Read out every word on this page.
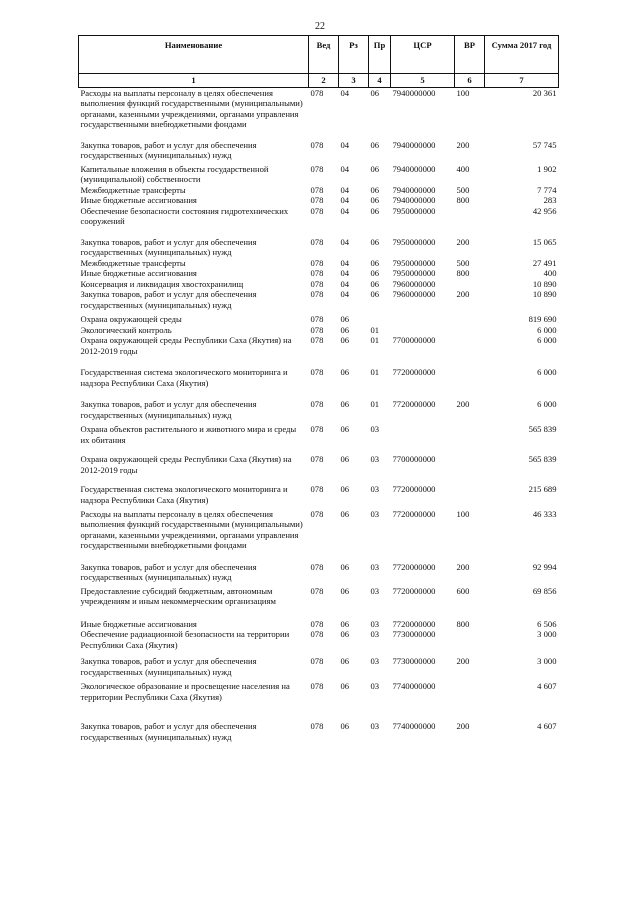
22
Наименование	Вед	Рз	Пр	ЦСР	ВР	Сумма 2017 год
1	2	3	4	5	6	7
Расходы на выплаты персоналу в целях обеспечения выполнения функций государственными (муниципальными) органами, казенными учреждениями, органами управления государственными внебюджетными фондами	078	04	06	7940000000	100	20 361
Закупка товаров, работ и услуг для обеспечения государственных (муниципальных) нужд	078	04	06	7940000000	200	57 745
Капитальные вложения в объекты государственной (муниципальной) собственности	078	04	06	7940000000	400	1 902
Межбюджетные трансферты	078	04	06	7940000000	500	7 774
Иные бюджетные ассигнования	078	04	06	7940000000	800	283
Обеспечение безопасности состояния гидротехнических сооружений	078	04	06	7950000000		42 956
Закупка товаров, работ и услуг для обеспечения государственных (муниципальных) нужд	078	04	06	7950000000	200	15 065
Межбюджетные трансферты	078	04	06	7950000000	500	27 491
Иные бюджетные ассигнования	078	04	06	7950000000	800	400
Консервация и ликвидация хвостохранилищ	078	04	06	7960000000		10 890
Закупка товаров, работ и услуг для обеспечения государственных (муниципальных) нужд	078	04	06	7960000000	200	10 890
Охрана окружающей среды	078	06				819 690
Экологический контроль	078	06	01			6 000
Охрана окружающей среды Республики Саха (Якутия) на 2012-2019 годы	078	06	01	7700000000		6 000
Государственная система экологического мониторинга и надзора Республики Саха (Якутия)	078	06	01	7720000000		6 000
Закупка товаров, работ и услуг для обеспечения государственных (муниципальных) нужд	078	06	01	7720000000	200	6 000
Охрана объектов растительного и животного мира и среды их обитания	078	06	03			565 839
Охрана окружающей среды Республики Саха (Якутия) на 2012-2019 годы	078	06	03	7700000000		565 839
Государственная система экологического мониторинга и надзора Республики Саха (Якутия)	078	06	03	7720000000		215 689
Расходы на выплаты персоналу в целях обеспечения выполнения функций государственными (муниципальными) органами, казенными учреждениями, органами управления государственными внебюджетными фондами	078	06	03	7720000000	100	46 333
Закупка товаров, работ и услуг для обеспечения государственных (муниципальных) нужд	078	06	03	7720000000	200	92 994
Предоставление субсидий бюджетным, автономным учреждениям и иным некоммерческим организациям	078	06	03	7720000000	600	69 856
Иные бюджетные ассигнования	078	06	03	7720000000	800	6 506
Обеспечение радиационной безопасности на территории Республики Саха (Якутия)	078	06	03	7730000000		3 000
Закупка товаров, работ и услуг для обеспечения государственных (муниципальных) нужд	078	06	03	7730000000	200	3 000
Экологическое образование и просвещение населения на территории Республики Саха (Якутия)	078	06	03	7740000000		4 607
Закупка товаров, работ и услуг для обеспечения государственных (муниципальных) нужд	078	06	03	7740000000	200	4 607
